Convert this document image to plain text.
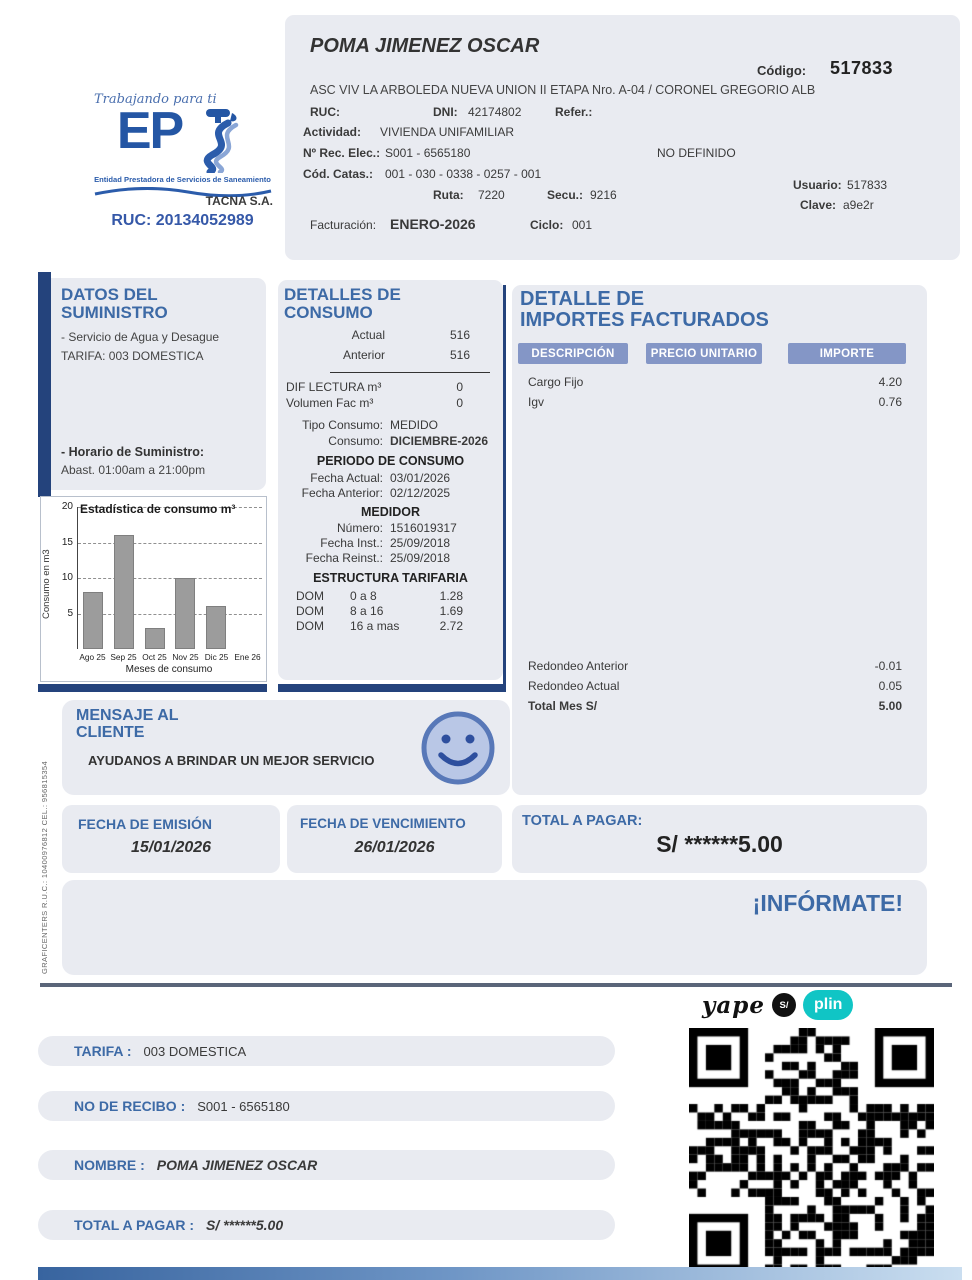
POMA JIMENEZ OSCAR
Código: 517833
ASC VIV LA ARBOLEDA NUEVA UNION II ETAPA Nro. A-04 / CORONEL GREGORIO ALB
RUC:	DNI: 42174802	Refer.:
Actividad: VIVIENDA UNIFAMILIAR
Nº Rec. Elec.: S001 - 6565180	NO DEFINIDO
Cód. Catas.: 001 - 030 - 0338 - 0257 - 001
Usuario: 517833
Ruta: 7220	Secu.: 9216
Clave: a9e2r
Facturación: ENERO-2026	Ciclo: 001
Trabajando para ti
EP
Entidad Prestadora de Servicios de Saneamiento
TACNA S.A.
RUC: 20134052989
DATOS DEL
SUMINISTRO
- Servicio de Agua y Desague
TARIFA: 003 DOMESTICA
- Horario de Suministro:
Abast. 01:00am a 21:00pm
Estadística de consumo m³
Consumo en m3 5
10
15
20
Ago 25 Sep 25 Oct 25 Nov 25 Dic 25 Ene 26
Meses de consumo
DETALLES DE
CONSUMO
Actual	516
Anterior	516
DIF LECTURA m³	0
Volumen Fac m³	0
Tipo Consumo: MEDIDO
Consumo: DICIEMBRE-2026
PERIODO DE CONSUMO
Fecha Actual: 03/01/2026
Fecha Anterior: 02/12/2025
MEDIDOR
Número: 1516019317
Fecha Inst.: 25/09/2018
Fecha Reinst.: 25/09/2018
ESTRUCTURA TARIFARIA
DOM 0 a 8	1.28
DOM 8 a 16	1.69
DOM 16 a mas	2.72
DETALLE DE
IMPORTES FACTURADOS
DESCRIPCIÓN	PRECIO UNITARIO	IMPORTE
Cargo Fijo	4.20
Igv	0.76
Redondeo Anterior	-0.01
Redondeo Actual	0.05
Total Mes S/	5.00
MENSAJE AL
CLIENTE
AYUDANOS A BRINDAR UN MEJOR SERVICIO
FECHA DE EMISIÓN
15/01/2026
FECHA DE VENCIMIENTO
26/01/2026
TOTAL A PAGAR:
S/ ******5.00
¡INFÓRMATE!
GRAFICENTERS R.U.C.: 10400976812 CEL.: 956815354
yape S/	plin
TARIFA : 003 DOMESTICA
NO DE RECIBO : S001 - 6565180
NOMBRE : POMA JIMENEZ OSCAR
TOTAL A PAGAR : S/ ******5.00
